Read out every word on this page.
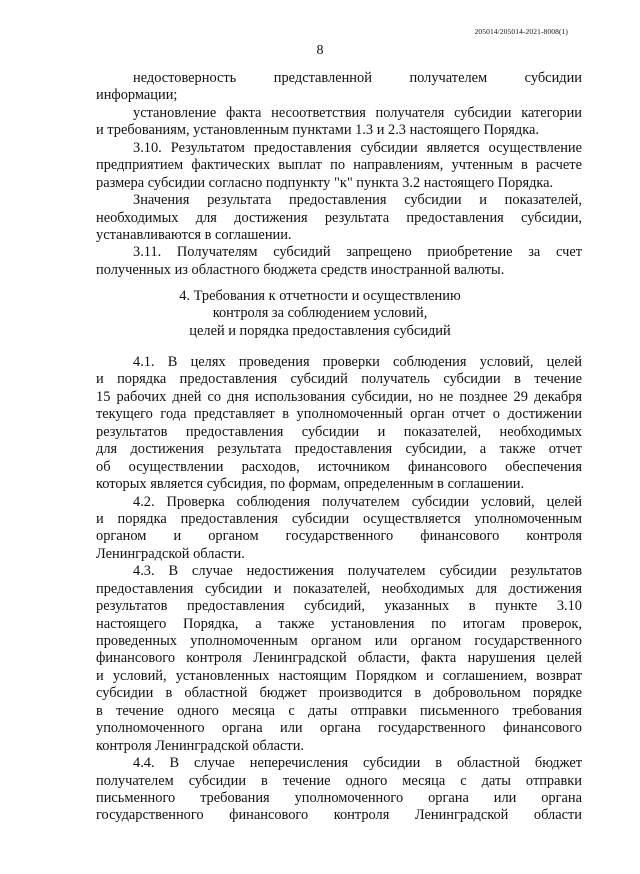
205014/205014-2021-8008(1)
8
недостоверность представленной получателем субсидии
информации;
установление факта несоответствия получателя субсидии категории
и требованиям, установленным пунктами 1.3 и 2.3 настоящего Порядка.
3.10. Результатом предоставления субсидии является осуществление
предприятием фактических выплат по направлениям, учтенным в расчете
размера субсидии согласно подпункту "к" пункта 3.2 настоящего Порядка.
Значения результата предоставления субсидии и показателей,
необходимых для достижения результата предоставления субсидии,
устанавливаются в соглашении.
3.11. Получателям субсидий запрещено приобретение за счет
полученных из областного бюджета средств иностранной валюты.
4. Требования к отчетности и осуществлению
контроля за соблюдением условий,
целей и порядка предоставления субсидий
4.1. В целях проведения проверки соблюдения условий, целей
и порядка предоставления субсидий получатель субсидии в течение
15 рабочих дней со дня использования субсидии, но не позднее 29 декабря
текущего года представляет в уполномоченный орган отчет о достижении
результатов предоставления субсидии и показателей, необходимых
для достижения результата предоставления субсидии, а также отчет
об осуществлении расходов, источником финансового обеспечения
которых является субсидия, по формам, определенным в соглашении.
4.2. Проверка соблюдения получателем субсидии условий, целей
и порядка предоставления субсидии осуществляется уполномоченным
органом и органом государственного финансового контроля
Ленинградской области.
4.3. В случае недостижения получателем субсидии результатов
предоставления субсидии и показателей, необходимых для достижения
результатов предоставления субсидий, указанных в пункте 3.10
настоящего Порядка, а также установления по итогам проверок,
проведенных уполномоченным органом или органом государственного
финансового контроля Ленинградской области, факта нарушения целей
и условий, установленных настоящим Порядком и соглашением, возврат
субсидии в областной бюджет производится в добровольном порядке
в течение одного месяца с даты отправки письменного требования
уполномоченного органа или органа государственного финансового
контроля Ленинградской области.
4.4. В случае неперечисления субсидии в областной бюджет
получателем субсидии в течение одного месяца с даты отправки
письменного требования уполномоченного органа или органа
государственного финансового контроля Ленинградской области
